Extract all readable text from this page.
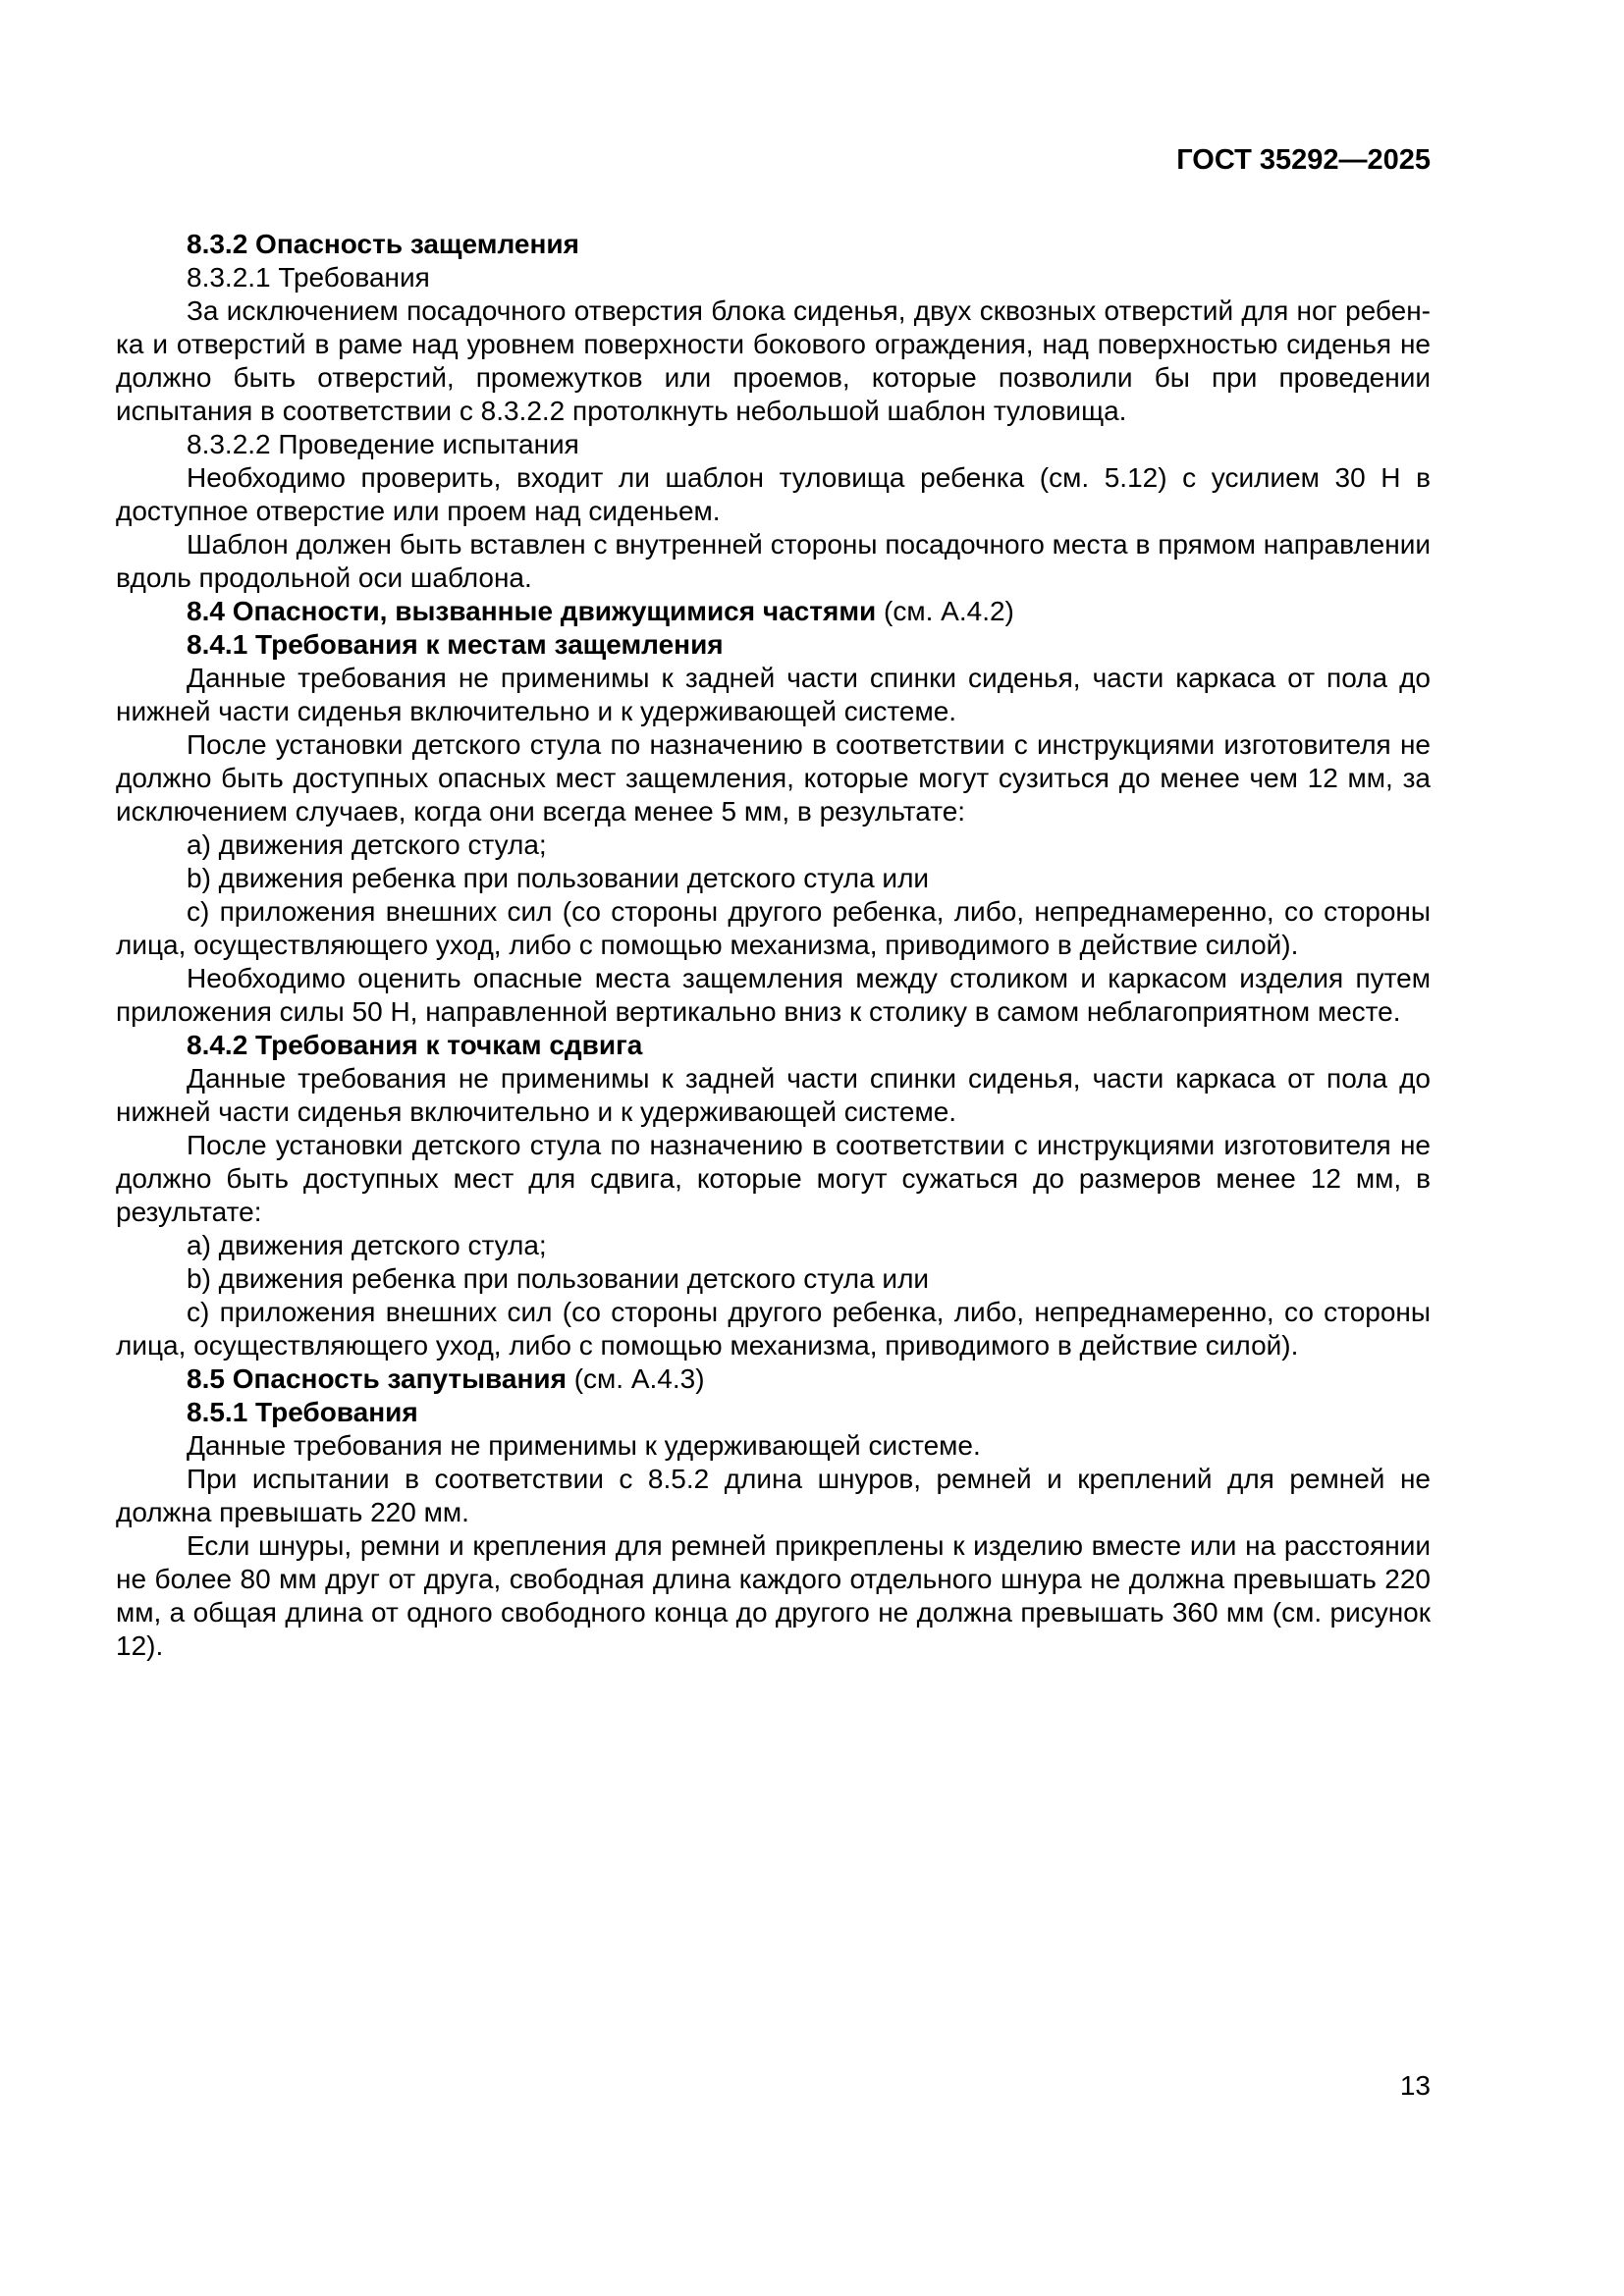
ГОСТ 35292—2025

8.3.2 Опасность защемления

8.3.2.1 Требования

За исключением посадочного отверстия блока сиденья, двух сквозных отверстий для ног ребенка и отверстий в раме над уровнем поверхности бокового ограждения, над поверхностью сиденья не должно быть отверстий, промежутков или проемов, которые позволили бы при проведении испытания в соответствии с 8.3.2.2 протолкнуть небольшой шаблон туловища.

8.3.2.2 Проведение испытания

Необходимо проверить, входит ли шаблон туловища ребенка (см. 5.12) с усилием 30 Н в доступное отверстие или проем над сиденьем.

Шаблон должен быть вставлен с внутренней стороны посадочного места в прямом направлении вдоль продольной оси шаблона.

8.4 Опасности, вызванные движущимися частями (см. А.4.2)

8.4.1 Требования к местам защемления

Данные требования не применимы к задней части спинки сиденья, части каркаса от пола до нижней части сиденья включительно и к удерживающей системе.

После установки детского стула по назначению в соответствии с инструкциями изготовителя не должно быть доступных опасных мест защемления, которые могут сузиться до менее чем 12 мм, за исключением случаев, когда они всегда менее 5 мм, в результате:

a) движения детского стула;

b) движения ребенка при пользовании детского стула или

c) приложения внешних сил (со стороны другого ребенка, либо, непреднамеренно, со стороны лица, осуществляющего уход, либо с помощью механизма, приводимого в действие силой).

Необходимо оценить опасные места защемления между столиком и каркасом изделия путем приложения силы 50 Н, направленной вертикально вниз к столику в самом неблагоприятном месте.

8.4.2 Требования к точкам сдвига

Данные требования не применимы к задней части спинки сиденья, части каркаса от пола до нижней части сиденья включительно и к удерживающей системе.

После установки детского стула по назначению в соответствии с инструкциями изготовителя не должно быть доступных мест для сдвига, которые могут сужаться до размеров менее 12 мм, в результате:

a) движения детского стула;

b) движения ребенка при пользовании детского стула или

c) приложения внешних сил (со стороны другого ребенка, либо, непреднамеренно, со стороны лица, осуществляющего уход, либо с помощью механизма, приводимого в действие силой).

8.5 Опасность запутывания (см. А.4.3)

8.5.1 Требования

Данные требования не применимы к удерживающей системе.

При испытании в соответствии с 8.5.2 длина шнуров, ремней и креплений для ремней не должна превышать 220 мм.

Если шнуры, ремни и крепления для ремней прикреплены к изделию вместе или на расстоянии не более 80 мм друг от друга, свободная длина каждого отдельного шнура не должна превышать 220 мм, а общая длина от одного свободного конца до другого не должна превышать 360 мм (см. рисунок 12).

13
